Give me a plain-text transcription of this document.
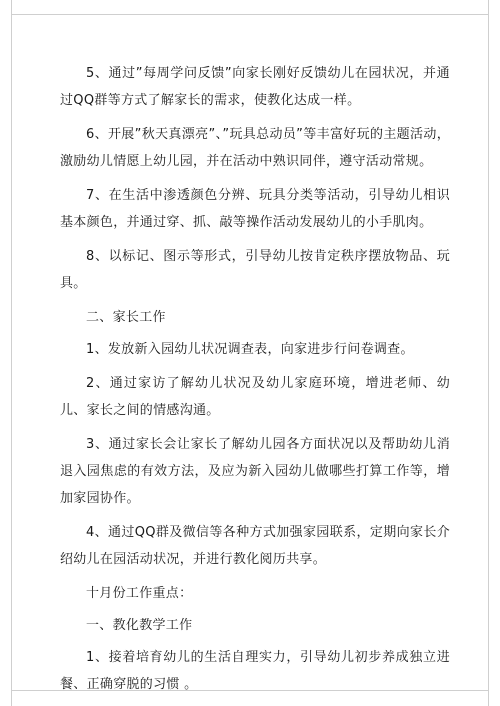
5、通过”每周学问反馈”向家长刚好反馈幼儿在园状况，并通过QQ群等方式了解家长的需求，使教化达成一样。

6、开展”秋天真漂亮”、”玩具总动员”等丰富好玩的主题活动，激励幼儿情愿上幼儿园，并在活动中熟识同伴，遵守活动常规。

7、在生活中渗透颜色分辨、玩具分类等活动，引导幼儿相识基本颜色，并通过穿、抓、敲等操作活动发展幼儿的小手肌肉。

8、以标记、图示等形式，引导幼儿按肯定秩序摆放物品、玩具。

二、家长工作

1、发放新入园幼儿状况调查表，向家进步行问卷调查。

2、通过家访了解幼儿状况及幼儿家庭环境，增进老师、幼儿、家长之间的情感沟通。

3、通过家长会让家长了解幼儿园各方面状况以及帮助幼儿消退入园焦虑的有效方法，及应为新入园幼儿做哪些打算工作等，增加家园协作。

4、通过QQ群及微信等各种方式加强家园联系，定期向家长介绍幼儿在园活动状况，并进行教化阅历共享。

十月份工作重点：

一、教化教学工作

1、接着培育幼儿的生活自理实力，引导幼儿初步养成独立进餐、正确穿脱的习惯 。
